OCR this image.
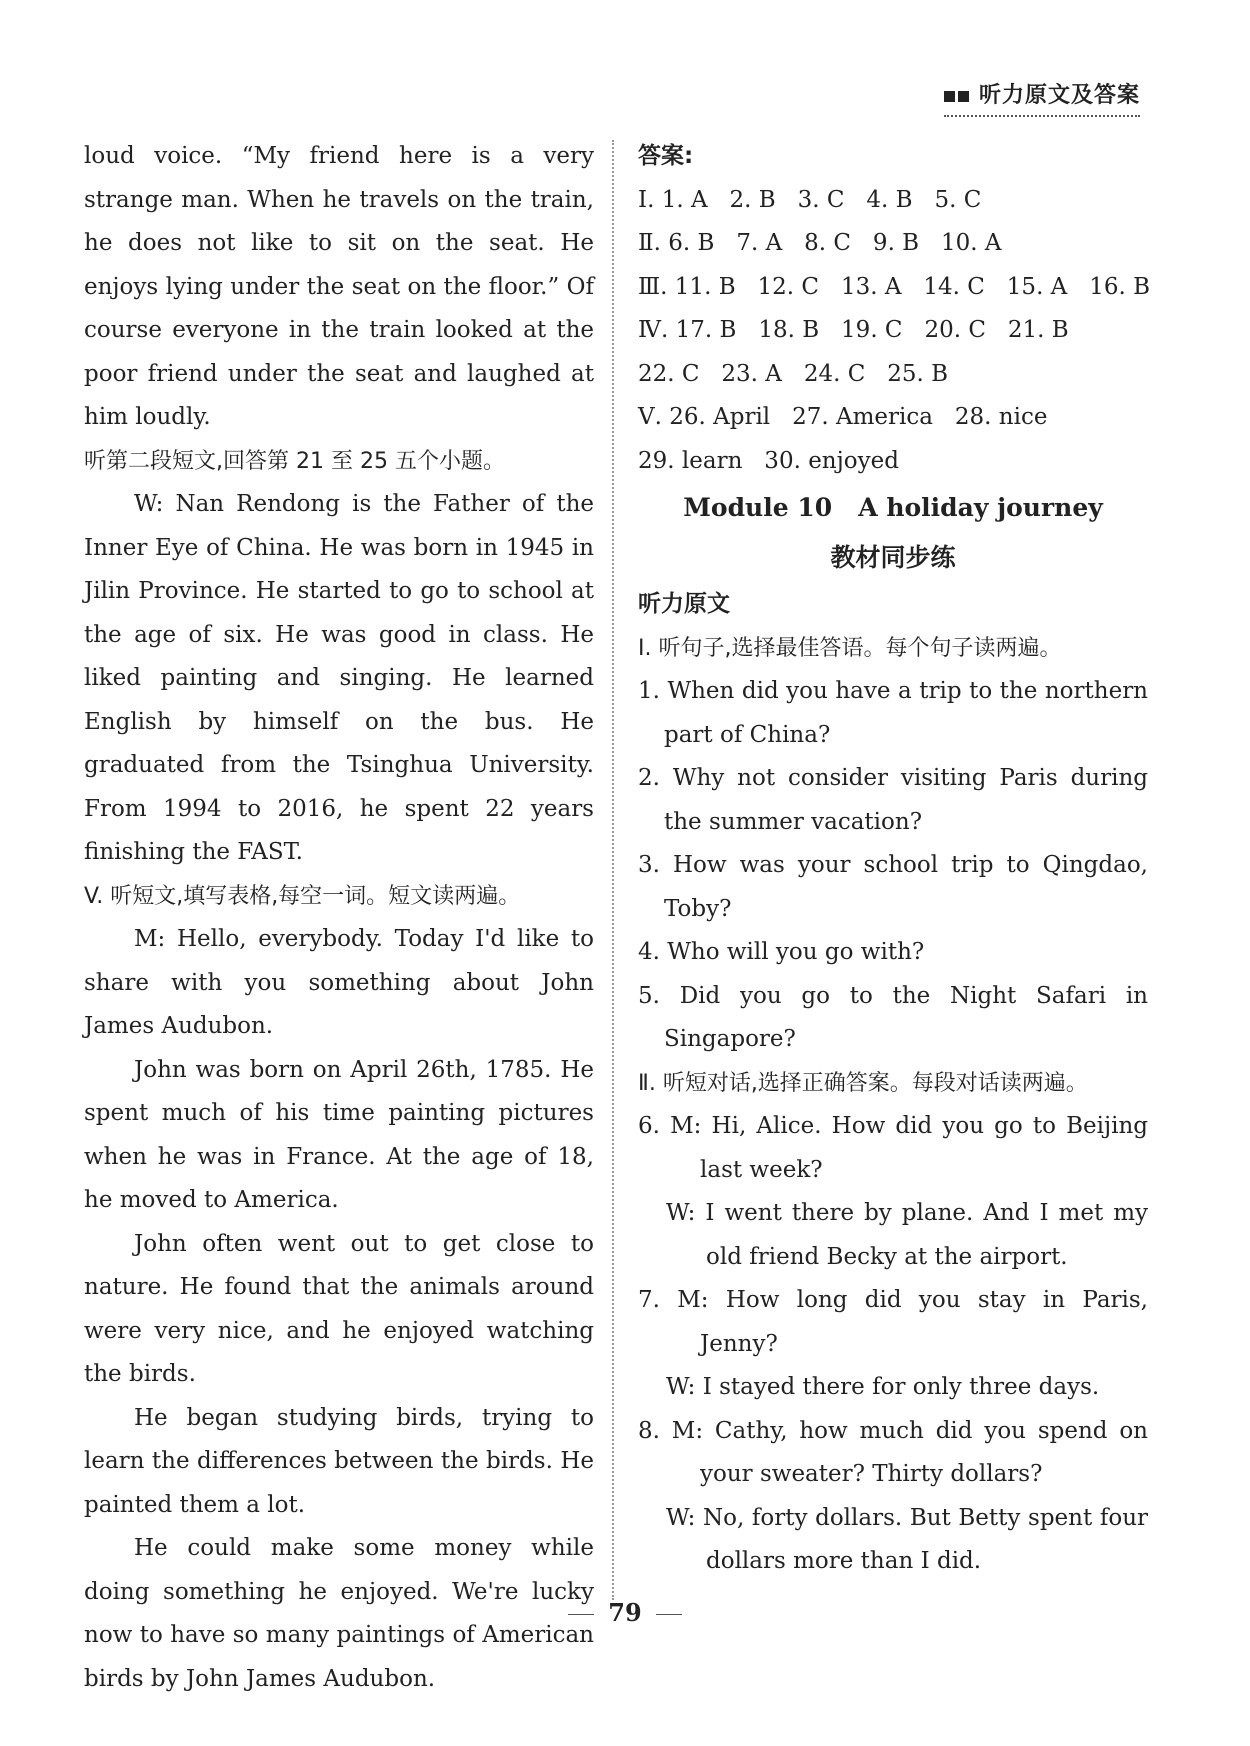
听力原文及答案

loud voice. “My friend here is a very strange man. When he travels on the train, he does not like to sit on the seat. He enjoys lying under the seat on the floor.” Of course everyone in the train looked at the poor friend under the seat and laughed at him loudly.

听第二段短文,回答第 21 至 25 五个小题。

W: Nan Rendong is the Father of the Inner Eye of China. He was born in 1945 in Jilin Province. He started to go to school at the age of six. He was good in class. He liked painting and singing. He learned English by himself on the bus. He graduated from the Tsinghua University. From 1994 to 2016, he spent 22 years finishing the FAST.

V. 听短文,填写表格,每空一词。短文读两遍。

M: Hello, everybody. Today I'd like to share with you something about John James Audubon.

John was born on April 26th, 1785. He spent much of his time painting pictures when he was in France. At the age of 18, he moved to America.

John often went out to get close to nature. He found that the animals around were very nice, and he enjoyed watching the birds.

He began studying birds, trying to learn the differences between the birds. He painted them a lot.

He could make some money while doing something he enjoyed. We're lucky now to have so many paintings of American birds by John James Audubon.

答案:

Ⅰ. 1. A   2. B   3. C   4. B   5. C

Ⅱ. 6. B   7. A   8. C   9. B   10. A

Ⅲ. 11. B   12. C   13. A   14. C   15. A   16. B

Ⅳ. 17. B   18. B   19. C   20. C   21. B

22. C   23. A   24. C   25. B

Ⅴ. 26. April   27. America   28. nice

29. learn   30. enjoyed

Module 10   A holiday journey
教材同步练

听力原文

Ⅰ. 听句子,选择最佳答语。每个句子读两遍。

1. When did you have a trip to the northern part of China?

2. Why not consider visiting Paris during the summer vacation?

3. How was your school trip to Qingdao, Toby?

4. Who will you go with?

5. Did you go to the Night Safari in Singapore?

Ⅱ. 听短对话,选择正确答案。每段对话读两遍。

6. M: Hi, Alice. How did you go to Beijing last week?

W: I went there by plane. And I met my old friend Becky at the airport.

7. M: How long did you stay in Paris, Jenny?

W: I stayed there for only three days.

8. M: Cathy, how much did you spend on your sweater? Thirty dollars?

W: No, forty dollars. But Betty spent four dollars more than I did.

79
